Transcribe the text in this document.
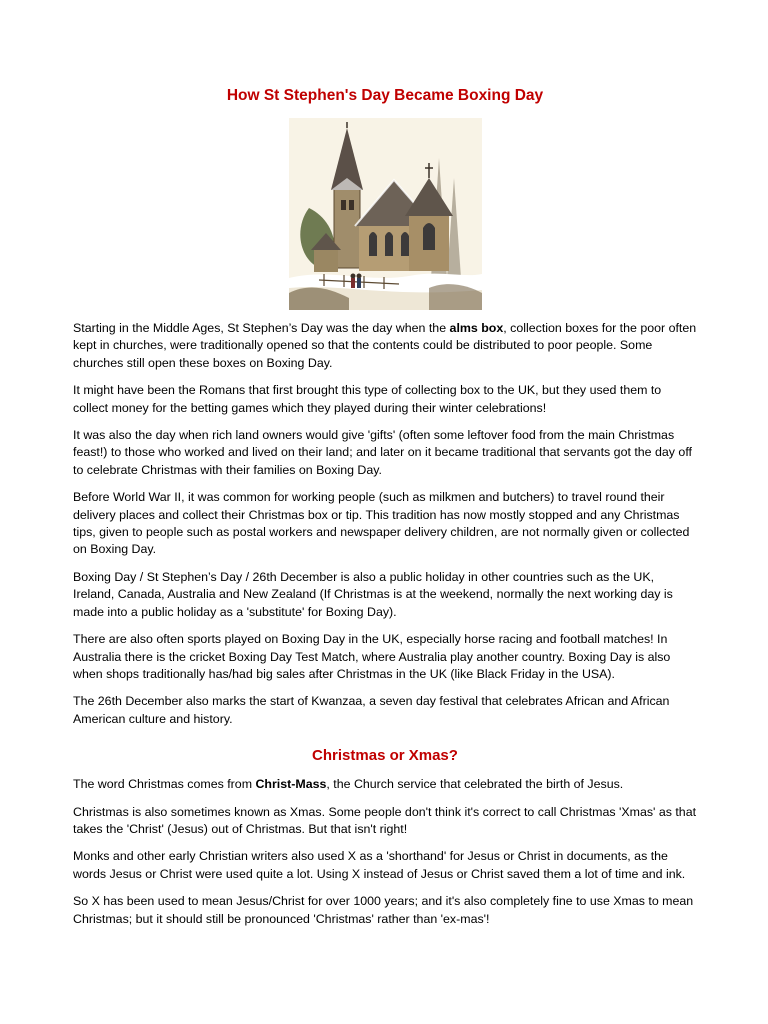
How St Stephen's Day Became Boxing Day

Starting in the Middle Ages, St Stephen’s Day was the day when the alms box, collection boxes for the poor often kept in churches, were traditionally opened so that the contents could be distributed to poor people. Some churches still open these boxes on Boxing Day.

It might have been the Romans that first brought this type of collecting box to the UK, but they used them to collect money for the betting games which they played during their winter celebrations!

It was also the day when rich land owners would give 'gifts' (often some leftover food from the main Christmas feast!) to those who worked and lived on their land; and later on it became traditional that servants got the day off to celebrate Christmas with their families on Boxing Day.

Before World War II, it was common for working people (such as milkmen and butchers) to travel round their delivery places and collect their Christmas box or tip. This tradition has now mostly stopped and any Christmas tips, given to people such as postal workers and newspaper delivery children, are not normally given or collected on Boxing Day.

Boxing Day / St Stephen’s Day / 26th December is also a public holiday in other countries such as the UK, Ireland, Canada, Australia and New Zealand (If Christmas is at the weekend, normally the next working day is made into a public holiday as a 'substitute' for Boxing Day).

There are also often sports played on Boxing Day in the UK, especially horse racing and football matches! In Australia there is the cricket Boxing Day Test Match, where Australia play another country. Boxing Day is also when shops traditionally has/had big sales after Christmas in the UK (like Black Friday in the USA).

The 26th December also marks the start of Kwanzaa, a seven day festival that celebrates African and African American culture and history.

Christmas or Xmas?

The word Christmas comes from Christ-Mass, the Church service that celebrated the birth of Jesus.

Christmas is also sometimes known as Xmas. Some people don't think it's correct to call Christmas 'Xmas' as that takes the 'Christ' (Jesus) out of Christmas. But that isn't right!

Monks and other early Christian writers also used X as a 'shorthand' for Jesus or Christ in documents, as the words Jesus or Christ were used quite a lot. Using X instead of Jesus or Christ saved them a lot of time and ink.

So X has been used to mean Jesus/Christ for over 1000 years; and it's also completely fine to use Xmas to mean Christmas; but it should still be pronounced 'Christmas' rather than 'ex-mas'!
